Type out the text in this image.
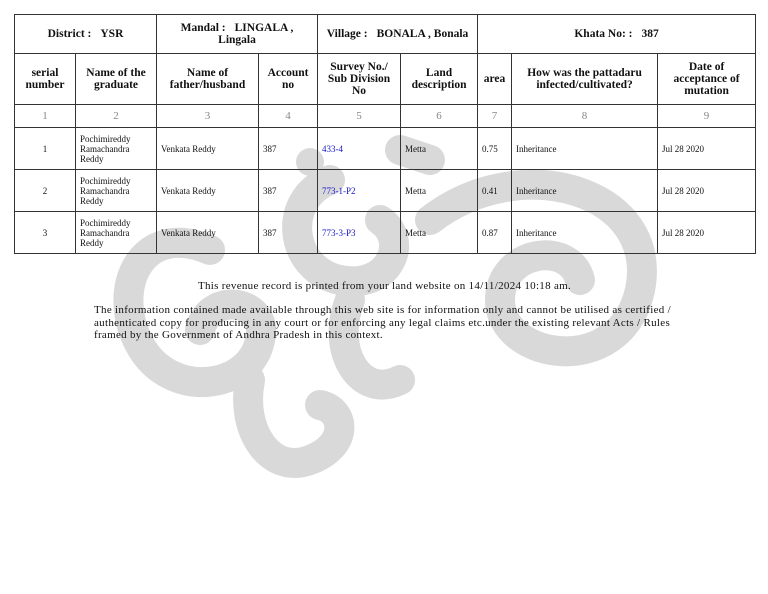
District : YSR		Mandal : LINGALA , Lingala		Village : BONALA , Bonala		Khata No: : 387		
serial number	Name of the graduate	Name of father/husband	Account no	Survey No./ Sub Division No	Land description	area	How was the pattadaru infected/cultivated?	Date of acceptance of mutation
1	2	3	4	5	6	7	8	9
1	Pochimireddy Ramachandra Reddy	Venkata Reddy	387	433-4	Metta	0.75	Inheritance	Jul 28 2020
2	Pochimireddy Ramachandra Reddy	Venkata Reddy	387	773-1-P2	Metta	0.41	Inheritance	Jul 28 2020
3	Pochimireddy Ramachandra Reddy	Venkata Reddy	387	773-3-P3	Metta	0.87	Inheritance	Jul 28 2020
This revenue record is printed from your land website on 14/11/2024 10:18 am.
The information contained made available through this web site is for information only and cannot be utilised as certified / authenticated copy for producing in any court or for enforcing any legal claims etc.under the existing relevant Acts / Rules framed by the Government of Andhra Pradesh in this context.
